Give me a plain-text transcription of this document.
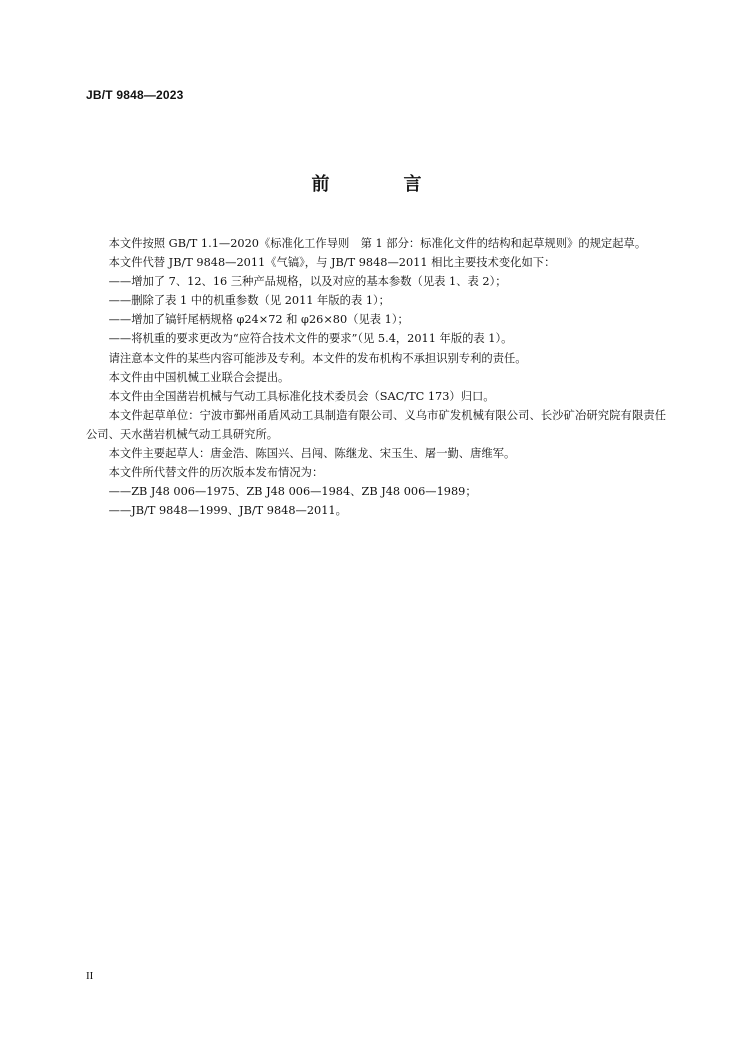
JB/T 9848—2023
前　言

本文件按照 GB/T 1.1—2020《标准化工作导则　第 1 部分：标准化文件的结构和起草规则》的规定起草。

本文件代替 JB/T 9848—2011《气镐》，与 JB/T 9848—2011 相比主要技术变化如下：

——增加了 7、12、16 三种产品规格，以及对应的基本参数（见表 1、表 2）；

——删除了表 1 中的机重参数（见 2011 年版的表 1）；

——增加了镐钎尾柄规格 φ24×72 和 φ26×80（见表 1）；

——将机重的要求更改为“应符合技术文件的要求”（见 5.4，2011 年版的表 1）。

请注意本文件的某些内容可能涉及专利。本文件的发布机构不承担识别专利的责任。

本文件由中国机械工业联合会提出。

本文件由全国凿岩机械与气动工具标准化技术委员会（SAC/TC 173）归口。

本文件起草单位：宁波市鄞州甬盾风动工具制造有限公司、义乌市矿发机械有限公司、长沙矿冶研究院有限责任公司、天水凿岩机械气动工具研究所。

本文件主要起草人：唐金浩、陈国兴、吕闯、陈继龙、宋玉生、屠一勤、唐维军。

本文件所代替文件的历次版本发布情况为：

——ZB J48 006—1975、ZB J48 006—1984、ZB J48 006—1989；

——JB/T 9848—1999、JB/T 9848—2011。

II
